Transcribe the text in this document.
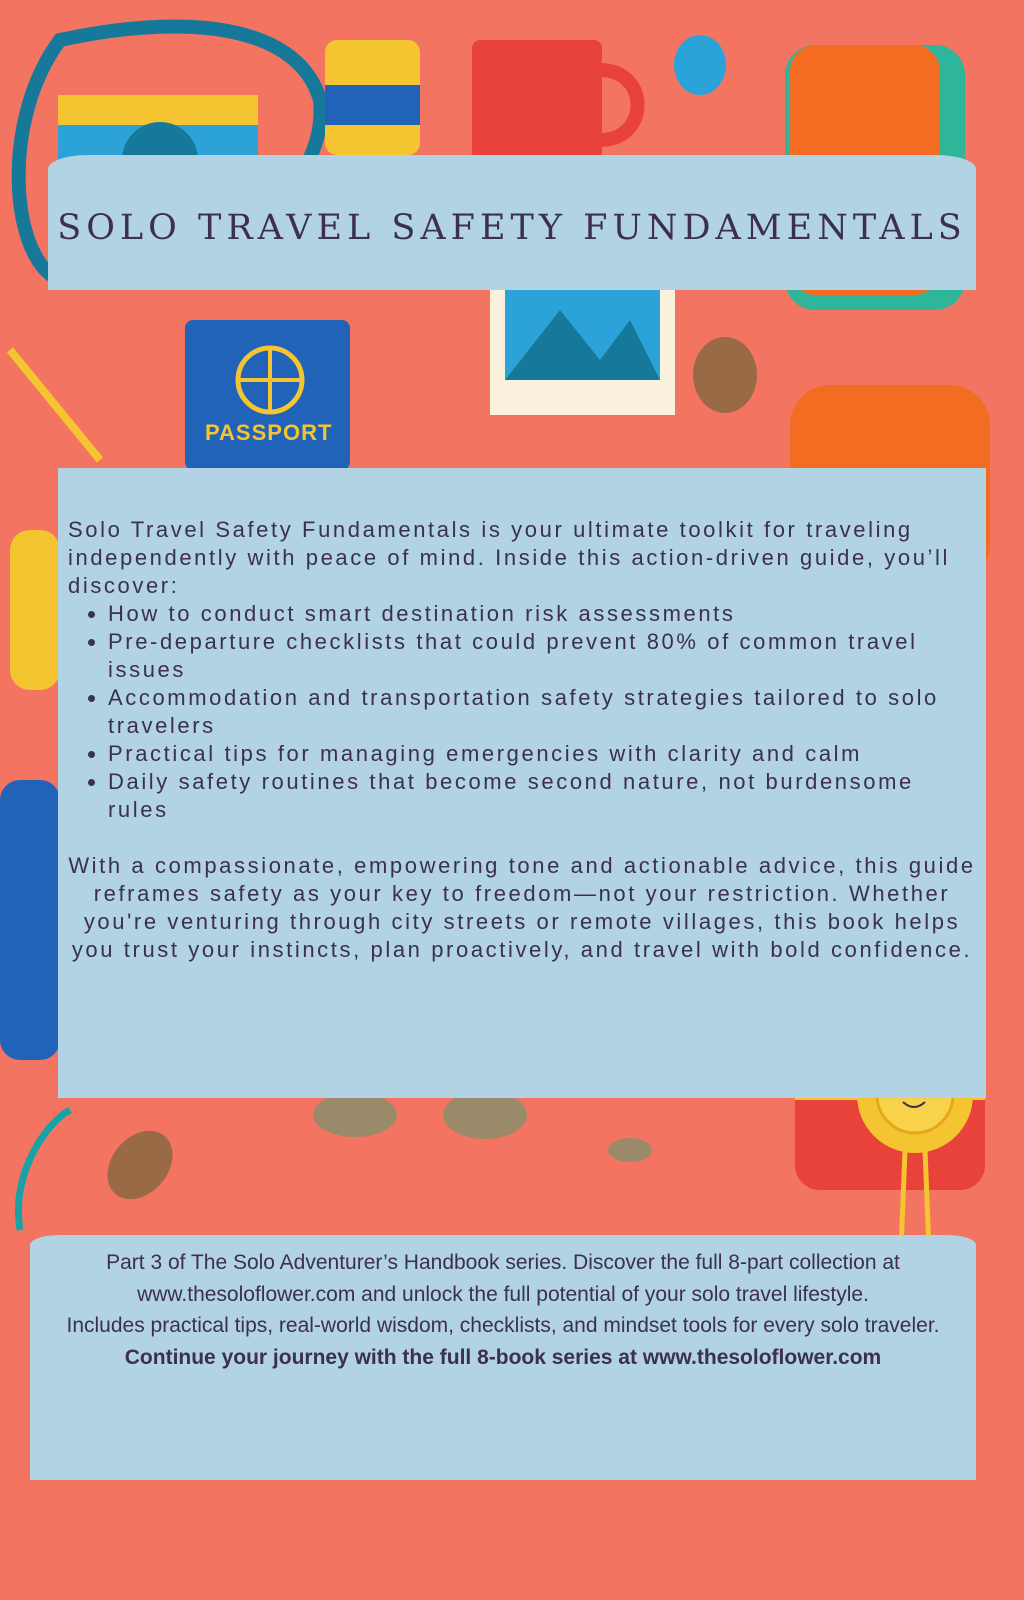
PASSPORT
SOLO TRAVEL SAFETY FUNDAMENTALS

Solo Travel Safety Fundamentals is your ultimate toolkit for traveling independently with peace of mind. Inside this action-driven guide, you’ll discover:

• How to conduct smart destination risk assessments
• Pre-departure checklists that could prevent 80% of common travel issues
• Accommodation and transportation safety strategies tailored to solo travelers
• Practical tips for managing emergencies with clarity and calm
• Daily safety routines that become second nature, not burdensome rules

With a compassionate, empowering tone and actionable advice, this guide reframes safety as your key to freedom—not your restriction. Whether you're venturing through city streets or remote villages, this book helps you trust your instincts, plan proactively, and travel with bold confidence.

Part 3 of The Solo Adventurer’s Handbook series. Discover the full 8-part collection at www.thesoloflower.com and unlock the full potential of your solo travel lifestyle.

Includes practical tips, real-world wisdom, checklists, and mindset tools for every solo traveler.

Continue your journey with the full 8-book series at www.thesoloflower.com
